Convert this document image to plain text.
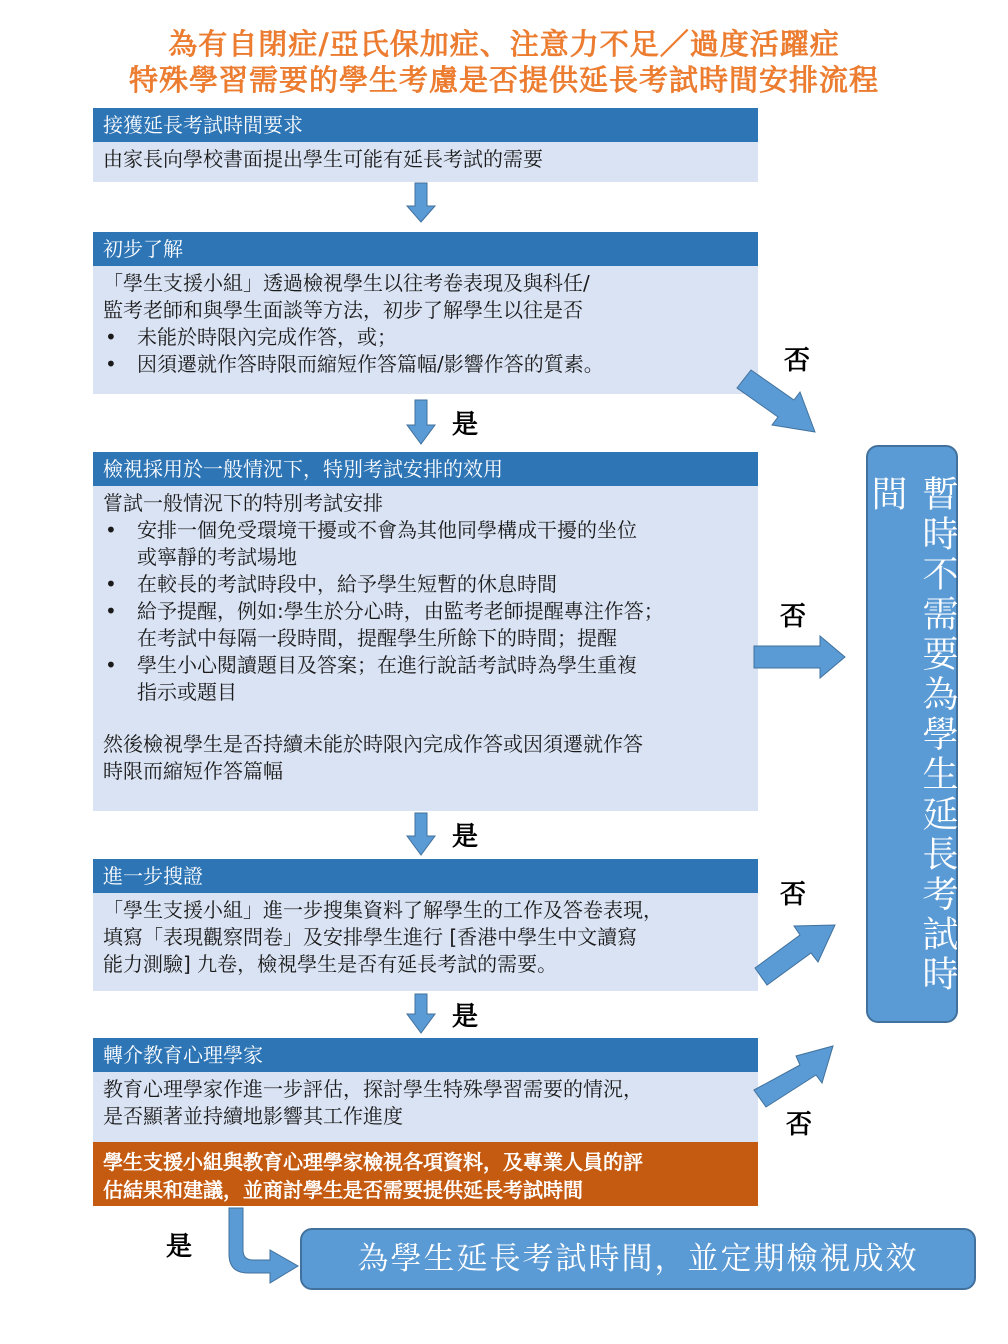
為有自閉症/亞氏保加症、注意力不足／過度活躍症
特殊學習需要的學生考慮是否提供延長考試時間安排流程
接獲延長考試時間要求

由家長向學校書面提出學生可能有延長考試的需要

初步了解

「學生支援小組」透過檢視學生以往考卷表現及與科任/

監考老師和與學生面談等方法，初步了解學生以往是否

• 未能於時限內完成作答，或；
• 因須遷就作答時限而縮短作答篇幅/影響作答的質素。
檢視採用於一般情況下，特別考試安排的效用

嘗試一般情況下的特別考試安排

• 安排一個免受環境干擾或不會為其他同學構成干擾的坐位
或寧靜的考試場地
• 在較長的考試時段中，給予學生短暫的休息時間
• 給予提醒，例如:學生於分心時，由監考老師提醒專注作答；
在考試中每隔一段時間，提醒學生所餘下的時間；提醒
• 學生小心閱讀題目及答案；在進行說話考試時為學生重複
指示或題目

然後檢視學生是否持續未能於時限內完成作答或因須遷就作答

時限而縮短作答篇幅

進一步搜證

「學生支援小組」進一步搜集資料了解學生的工作及答卷表現，

填寫「表現觀察問卷」及安排學生進行 [香港中學生中文讀寫

能力測驗] 九卷，檢視學生是否有延長考試的需要。

轉介教育心理學家

教育心理學家作進一步評估，探討學生特殊學習需要的情況，

是否顯著並持續地影響其工作進度

學生支援小組與教育心理學家檢視各項資料，及專業人員的評
估結果和建議，並商討學生是否需要提供延長考試時間
暫時不需要為學生延長考試時間
為學生延長考試時間，並定期檢視成效
是
是
是
是
否
否
否
否
